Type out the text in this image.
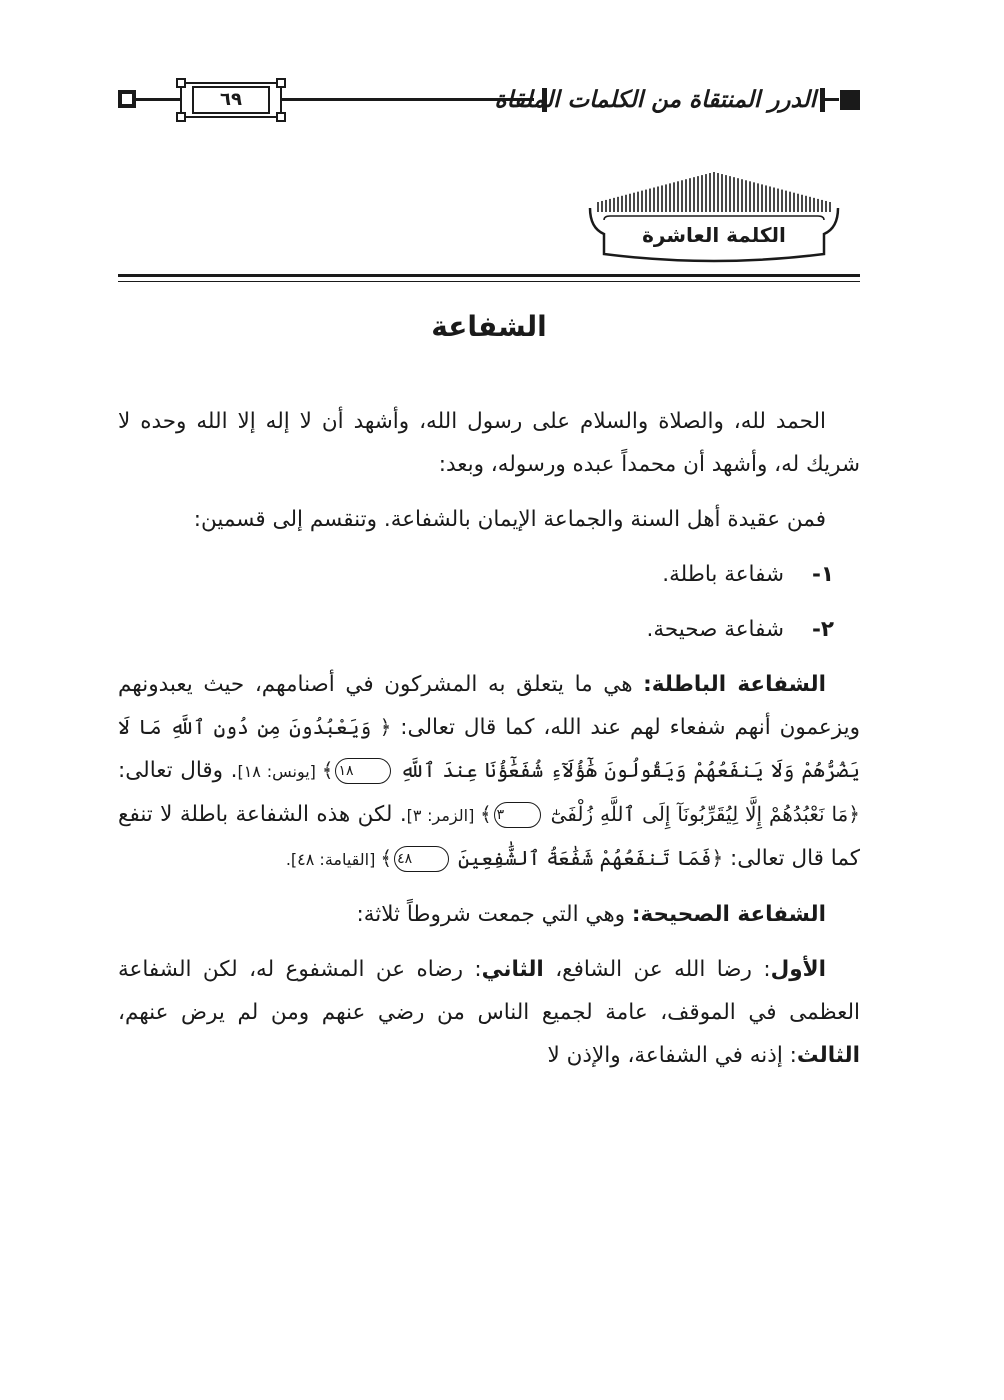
٦٩	الدرر المنتقاة من الكلمات الملقاة
الكلمة العاشرة
الشفاعة

الحمد لله، والصلاة والسلام على رسول الله، وأشهد أن لا إله إلا الله وحده لا شريك له، وأشهد أن محمداً عبده ورسوله، وبعد:

فمن عقيدة أهل السنة والجماعة الإيمان بالشفاعة. وتنقسم إلى قسمين:

١-شفاعة باطلة.

٢-شفاعة صحيحة.

الشفاعة الباطلة: هي ما يتعلق به المشركون في أصنامهم، حيث يعبدونهم ويزعمون أنهم شفعاء لهم عند الله، كما قال تعالى: ﴿ وَيَعْبُدُونَ مِن دُونِ ٱللَّهِ مَا لَا يَضُرُّهُمْ وَلَا يَنفَعُهُمْ وَيَقُولُونَ هَٰٓؤُلَآءِ شُفَعَٰٓؤُنَا عِندَ ٱللَّهِ ١٨﴾ [يونس: ١٨]. وقال تعالى: ﴿مَا نَعْبُدُهُمْ إِلَّا لِيُقَرِّبُونَآ إِلَى ٱللَّهِ زُلْفَىٰٓ ٣﴾ [الزمر: ٣]. لكن هذه الشفاعة باطلة لا تنفع كما قال تعالى: ﴿فَمَا تَنفَعُهُمْ شَفَٰعَةُ ٱلشَّٰفِعِينَ ٤٨﴾ [القيامة: ٤٨].

الشفاعة الصحيحة: وهي التي جمعت شروطاً ثلاثة:

الأول: رضا الله عن الشافع، الثاني: رضاه عن المشفوع له، لكن الشفاعة العظمى في الموقف، عامة لجميع الناس من رضي عنهم ومن لم يرض عنهم، الثالث: إذنه في الشفاعة، والإذن لا
